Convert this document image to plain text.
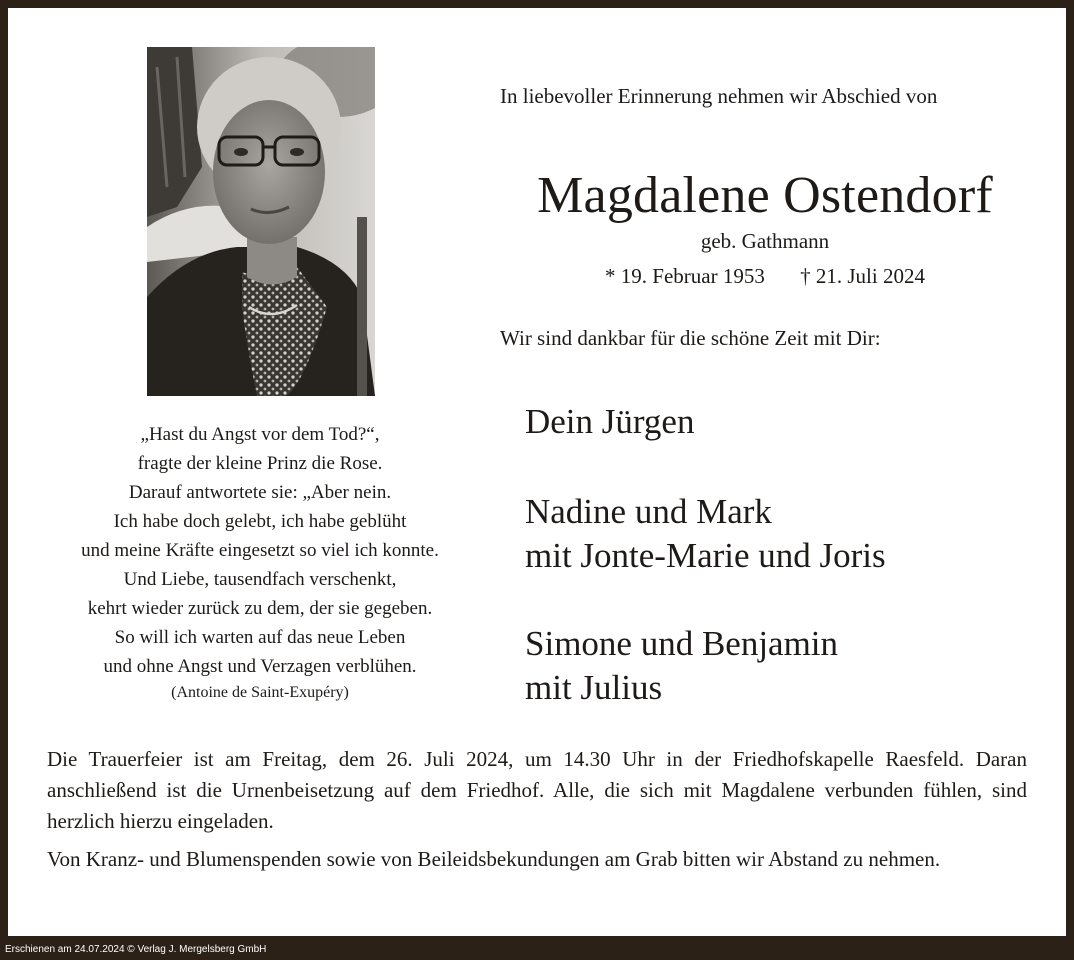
In liebevoller Erinnerung nehmen wir Abschied von
Magdalene Ostendorf
geb. Gathmann
* 19. Februar 1953 † 21. Juli 2024
Wir sind dankbar für die schöne Zeit mit Dir:
Dein Jürgen
Nadine und Mark
mit Jonte-Marie und Joris
Simone und Benjamin
mit Julius
„Hast du Angst vor dem Tod?“,
fragte der kleine Prinz die Rose.
Darauf antwortete sie: „Aber nein.
Ich habe doch gelebt, ich habe geblüht
und meine Kräfte eingesetzt so viel ich konnte.
Und Liebe, tausendfach verschenkt,
kehrt wieder zurück zu dem, der sie gegeben.
So will ich warten auf das neue Leben
und ohne Angst und Verzagen verblühen.
(Antoine de Saint-Exupéry)
Die Trauerfeier ist am Freitag, dem 26. Juli 2024, um 14.30 Uhr in der Friedhofskapelle Raesfeld. Daran anschließend ist die Urnenbeisetzung auf dem Friedhof. Alle, die sich mit Magdalene verbunden fühlen, sind herzlich hierzu eingeladen.
Von Kranz- und Blumenspenden sowie von Beileidsbekundungen am Grab bitten wir Abstand zu nehmen.
Erschienen am 24.07.2024 © Verlag J. Mergelsberg GmbH
